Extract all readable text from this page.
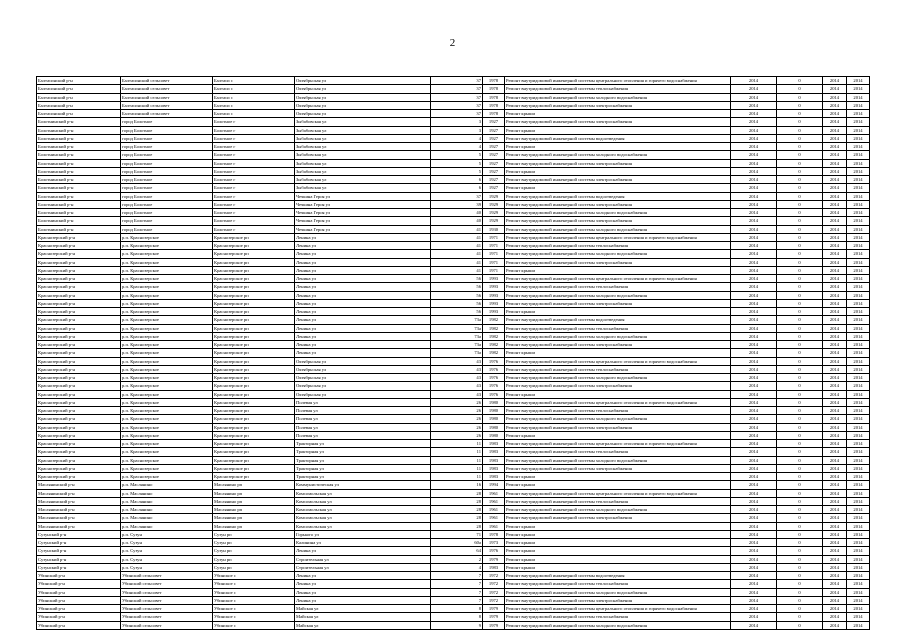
2
Балтасинский р-н	Балтасинский сельсовет	Балтаси с	Октябрьская ул	37	1978	Ремонт внутридомовой инженерной системы центрального отопления и горячего водоснабжения	2014	0	2014	2014
Балтасинский р-н	Балтасинский сельсовет	Балтаси с	Октябрьская ул	37	1978	Ремонт внутридомовой инженерной системы теплоснабжения	2014	0	2014	2014
Балтасинский р-н	Балтасинский сельсовет	Балтаси с	Октябрьская ул	37	1978	Ремонт внутридомовой инженерной системы холодного водоснабжения	2014	0	2014	2014
Балтасинский р-н	Балтасинский сельсовет	Балтаси с	Октябрьская ул	37	1978	Ремонт внутридомовой инженерной системы электроснабжения	2014	0	2014	2014
Балтасинский р-н	Балтасинский сельсовет	Балтаси с	Октябрьская ул	37	1978	Ремонт крыши	2014	0	2014	2014
Болотнинский р-н	город Болотное	Болотное г	Зыбабовская ул	3	1927	Ремонт внутридомовой инженерной системы электроснабжения	2014	0	2014	2014
Болотнинский р-н	город Болотное	Болотное г	Зыбабовская ул	3	1927	Ремонт крыши	2014	0	2014	2014
Болотнинский р-н	город Болотное	Болотное г	Зыбабовская ул	4	1927	Ремонт внутридомовой инженерной системы водоотведения	2014	0	2014	2014
Болотнинский р-н	город Болотное	Болотное г	Зыбабовская ул	4	1927	Ремонт крыши	2014	0	2014	2014
Болотнинский р-н	город Болотное	Болотное г	Зыбабовская ул	5	1927	Ремонт внутридомовой инженерной системы холодного водоснабжения	2014	0	2014	2014
Болотнинский р-н	город Болотное	Болотное г	Зыбабовская ул	5	1927	Ремонт внутридомовой инженерной системы электроснабжения	2014	0	2014	2014
Болотнинский р-н	город Болотное	Болотное г	Зыбабовская ул	5	1927	Ремонт крыши	2014	0	2014	2014
Болотнинский р-н	город Болотное	Болотное г	Зыбабовская ул	6	1927	Ремонт внутридомовой инженерной системы электроснабжения	2014	0	2014	2014
Болотнинский р-н	город Болотное	Болотное г	Зыбабовская ул	6	1927	Ремонт крыши	2014	0	2014	2014
Болотнинский р-н	город Болотное	Болотное г	Чечкина Героя ул	37	1929	Ремонт внутридомовой инженерной системы водоотведения	2014	0	2014	2014
Болотнинский р-н	город Болотное	Болотное г	Чечкина Героя ул	39	1929	Ремонт внутридомовой инженерной системы электроснабжения	2014	0	2014	2014
Болотнинский р-н	город Болотное	Болотное г	Чечкина Героя ул	40	1929	Ремонт внутридомовой инженерной системы холодного водоснабжения	2014	0	2014	2014
Болотнинский р-н	город Болотное	Болотное г	Чечкина Героя ул	40	1929	Ремонт внутридомовой инженерной системы электроснабжения	2014	0	2014	2014
Болотнинский р-н	город Болотное	Болотное г	Чечкина Героя ул	41	1930	Ремонт внутридомовой инженерной системы холодного водоснабжения	2014	0	2014	2014
Краснозерский р-н	р.п. Краснозерское	Краснозерское рп	Ленина ул	41	1971	Ремонт внутридомовой инженерной системы центрального отопления и горячего водоснабжения	2014	0	2014	2014
Краснозерский р-н	р.п. Краснозерское	Краснозерское рп	Ленина ул	41	1971	Ремонт внутридомовой инженерной системы теплоснабжения	2014	0	2014	2014
Краснозерский р-н	р.п. Краснозерское	Краснозерское рп	Ленина ул	41	1971	Ремонт внутридомовой инженерной системы холодного водоснабжения	2014	0	2014	2014
Краснозерский р-н	р.п. Краснозерское	Краснозерское рп	Ленина ул	41	1971	Ремонт внутридомовой инженерной системы электроснабжения	2014	0	2014	2014
Краснозерский р-н	р.п. Краснозерское	Краснозерское рп	Ленина ул	41	1971	Ремонт крыши	2014	0	2014	2014
Краснозерский р-н	р.п. Краснозерское	Краснозерское рп	Ленина ул	56	1993	Ремонт внутридомовой инженерной системы центрального отопления и горячего водоснабжения	2014	0	2014	2014
Краснозерский р-н	р.п. Краснозерское	Краснозерское рп	Ленина ул	56	1993	Ремонт внутридомовой инженерной системы теплоснабжения	2014	0	2014	2014
Краснозерский р-н	р.п. Краснозерское	Краснозерское рп	Ленина ул	56	1993	Ремонт внутридомовой инженерной системы холодного водоснабжения	2014	0	2014	2014
Краснозерский р-н	р.п. Краснозерское	Краснозерское рп	Ленина ул	56	1993	Ремонт внутридомовой инженерной системы электроснабжения	2014	0	2014	2014
Краснозерский р-н	р.п. Краснозерское	Краснозерское рп	Ленина ул	56	1993	Ремонт крыши	2014	0	2014	2014
Краснозерский р-н	р.п. Краснозерское	Краснозерское рп	Ленина ул	73а	1982	Ремонт внутридомовой инженерной системы водоотведения	2014	0	2014	2014
Краснозерский р-н	р.п. Краснозерское	Краснозерское рп	Ленина ул	73а	1982	Ремонт внутридомовой инженерной системы теплоснабжения	2014	0	2014	2014
Краснозерский р-н	р.п. Краснозерское	Краснозерское рп	Ленина ул	73а	1982	Ремонт внутридомовой инженерной системы холодного водоснабжения	2014	0	2014	2014
Краснозерский р-н	р.п. Краснозерское	Краснозерское рп	Ленина ул	73а	1982	Ремонт внутридомовой инженерной системы электроснабжения	2014	0	2014	2014
Краснозерский р-н	р.п. Краснозерское	Краснозерское рп	Ленина ул	73а	1982	Ремонт крыши	2014	0	2014	2014
Краснозерский р-н	р.п. Краснозерское	Краснозерское рп	Октябрьская ул	43	1976	Ремонт внутридомовой инженерной системы центрального отопления и горячего водоснабжения	2014	0	2014	2014
Краснозерский р-н	р.п. Краснозерское	Краснозерское рп	Октябрьская ул	43	1976	Ремонт внутридомовой инженерной системы теплоснабжения	2014	0	2014	2014
Краснозерский р-н	р.п. Краснозерское	Краснозерское рп	Октябрьская ул	43	1976	Ремонт внутридомовой инженерной системы холодного водоснабжения	2014	0	2014	2014
Краснозерский р-н	р.п. Краснозерское	Краснозерское рп	Октябрьская ул	43	1976	Ремонт внутридомовой инженерной системы электроснабжения	2014	0	2014	2014
Краснозерский р-н	р.п. Краснозерское	Краснозерское рп	Октябрьская ул	43	1976	Ремонт крыши	2014	0	2014	2014
Краснозерский р-н	р.п. Краснозерское	Краснозерское рп	Полевая ул	26	1980	Ремонт внутридомовой инженерной системы центрального отопления и горячего водоснабжения	2014	0	2014	2014
Краснозерский р-н	р.п. Краснозерское	Краснозерское рп	Полевая ул	26	1980	Ремонт внутридомовой инженерной системы теплоснабжения	2014	0	2014	2014
Краснозерский р-н	р.п. Краснозерское	Краснозерское рп	Полевая ул	26	1980	Ремонт внутридомовой инженерной системы холодного водоснабжения	2014	0	2014	2014
Краснозерский р-н	р.п. Краснозерское	Краснозерское рп	Полевая ул	26	1980	Ремонт внутридомовой инженерной системы электроснабжения	2014	0	2014	2014
Краснозерский р-н	р.п. Краснозерское	Краснозерское рп	Полевая ул	26	1980	Ремонт крыши	2014	0	2014	2014
Краснозерский р-н	р.п. Краснозерское	Краснозерское рп	Тракторная ул	11	1983	Ремонт внутридомовой инженерной системы центрального отопления и горячего водоснабжения	2014	0	2014	2014
Краснозерский р-н	р.п. Краснозерское	Краснозерское рп	Тракторная ул	11	1983	Ремонт внутридомовой инженерной системы теплоснабжения	2014	0	2014	2014
Краснозерский р-н	р.п. Краснозерское	Краснозерское рп	Тракторная ул	11	1983	Ремонт внутридомовой инженерной системы холодного водоснабжения	2014	0	2014	2014
Краснозерский р-н	р.п. Краснозерское	Краснозерское рп	Тракторная ул	11	1983	Ремонт внутридомовой инженерной системы электроснабжения	2014	0	2014	2014
Краснозерский р-н	р.п. Краснозерское	Краснозерское рп	Тракторная ул	11	1983	Ремонт крыши	2014	0	2014	2014
Маслянинский р-н	р.п. Маслянино	Маслянино рп	Коммунистическая ул	16	1994	Ремонт крыши	2014	0	2014	2014
Маслянинский р-н	р.п. Маслянино	Маслянино рп	Комсомольская ул	28	1961	Ремонт внутридомовой инженерной системы центрального отопления и горячего водоснабжения	2014	0	2014	2014
Маслянинский р-н	р.п. Маслянино	Маслянино рп	Комсомольская ул	28	1961	Ремонт внутридомовой инженерной системы теплоснабжения	2014	0	2014	2014
Маслянинский р-н	р.п. Маслянино	Маслянино рп	Комсомольская ул	28	1961	Ремонт внутридомовой инженерной системы холодного водоснабжения	2014	0	2014	2014
Маслянинский р-н	р.п. Маслянино	Маслянино рп	Комсомольская ул	28	1961	Ремонт внутридомовой инженерной системы электроснабжения	2014	0	2014	2014
Маслянинский р-н	р.п. Маслянино	Маслянино рп	Комсомольская ул	28	1961	Ремонт крыши	2014	0	2014	2014
Сузунский р-н	р.п. Сузун	Сузун рп	Горького ул	71	1978	Ремонт крыши	2014	0	2014	2014
Сузунский р-н	р.п. Сузун	Сузун рп	Калинина ул	60а	1973	Ремонт крыши	2014	0	2014	2014
Сузунский р-н	р.п. Сузун	Сузун рп	Ленина ул	64	1976	Ремонт крыши	2014	0	2014	2014
Сузунский р-н	р.п. Сузун	Сузун рп	Строительная ул	2	1979	Ремонт крыши	2014	0	2014	2014
Сузунский р-н	р.п. Сузун	Сузун рп	Строительная ул	4	1983	Ремонт крыши	2014	0	2014	2014
Убинский р-н	Убинский сельсовет	Убинское с	Ленина ул	7	1972	Ремонт внутридомовой инженерной системы водоотведения	2014	0	2014	2014
Убинский р-н	Убинский сельсовет	Убинское с	Ленина ул	7	1972	Ремонт внутридомовой инженерной системы теплоснабжения	2014	0	2014	2014
Убинский р-н	Убинский сельсовет	Убинское с	Ленина ул	7	1972	Ремонт внутридомовой инженерной системы холодного водоснабжения	2014	0	2014	2014
Убинский р-н	Убинский сельсовет	Убинское с	Ленина ул	7	1972	Ремонт внутридомовой инженерной системы электроснабжения	2014	0	2014	2014
Убинский р-н	Убинский сельсовет	Убинское с	Майская ул	8	1979	Ремонт внутридомовой инженерной системы центрального отопления и горячего водоснабжения	2014	0	2014	2014
Убинский р-н	Убинский сельсовет	Убинское с	Майская ул	8	1979	Ремонт внутридомовой инженерной системы теплоснабжения	2014	0	2014	2014
Убинский р-н	Убинский сельсовет	Убинское с	Майская ул	9	1979	Ремонт внутридомовой инженерной системы холодного водоснабжения	2014	0	2014	2014
